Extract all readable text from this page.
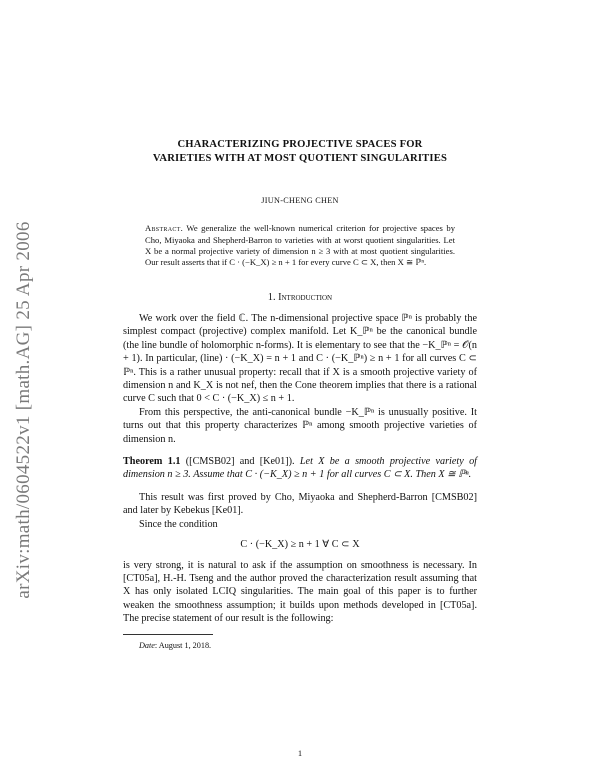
arXiv:math/0604522v1 [math.AG] 25 Apr 2006

CHARACTERIZING PROJECTIVE SPACES FOR
VARIETIES WITH AT MOST QUOTIENT SINGULARITIES

JIUN-CHENG CHEN

Abstract. We generalize the well-known numerical criterion for projective spaces by Cho, Miyaoka and Shepherd-Barron to varieties with at worst quotient singularities. Let X be a normal projective variety of dimension n ≥ 3 with at most quotient singularities. Our result asserts that if C · (−K_X) ≥ n + 1 for every curve C ⊂ X, then X ≅ ℙⁿ.

1. Introduction

We work over the field ℂ. The n-dimensional projective space ℙⁿ is probably the simplest compact (projective) complex manifold. Let K_ℙⁿ be the canonical bundle (the line bundle of holomorphic n-forms). It is elementary to see that the −K_ℙⁿ = 𝒪(n + 1). In particular, (line) · (−K_X) = n + 1 and C · (−K_ℙⁿ) ≥ n + 1 for all curves C ⊂ ℙⁿ. This is a rather unusual property: recall that if X is a smooth projective variety of dimension n and K_X is not nef, then the Cone theorem implies that there is a rational curve C such that 0 < C · (−K_X) ≤ n + 1.

From this perspective, the anti-canonical bundle −K_ℙⁿ is unusually positive. It turns out that this property characterizes ℙⁿ among smooth projective varieties of dimension n.

Theorem 1.1 ([CMSB02] and [Ke01]). Let X be a smooth projective variety of dimension n ≥ 3. Assume that C · (−K_X) ≥ n + 1 for all curves C ⊂ X. Then X ≅ ℙⁿ.

This result was first proved by Cho, Miyaoka and Shepherd-Barron [CMSB02] and later by Kebekus [Ke01].

Since the condition

C · (−K_X) ≥ n + 1 ∀ C ⊂ X

is very strong, it is natural to ask if the assumption on smoothness is necessary. In [CT05a], H.-H. Tseng and the author proved the characterization result assuming that X has only isolated LCIQ singularities. The main goal of this paper is to further weaken the smoothness assumption; it builds upon methods developed in [CT05a]. The precise statement of our result is the following:

Date: August 1, 2018.

1
